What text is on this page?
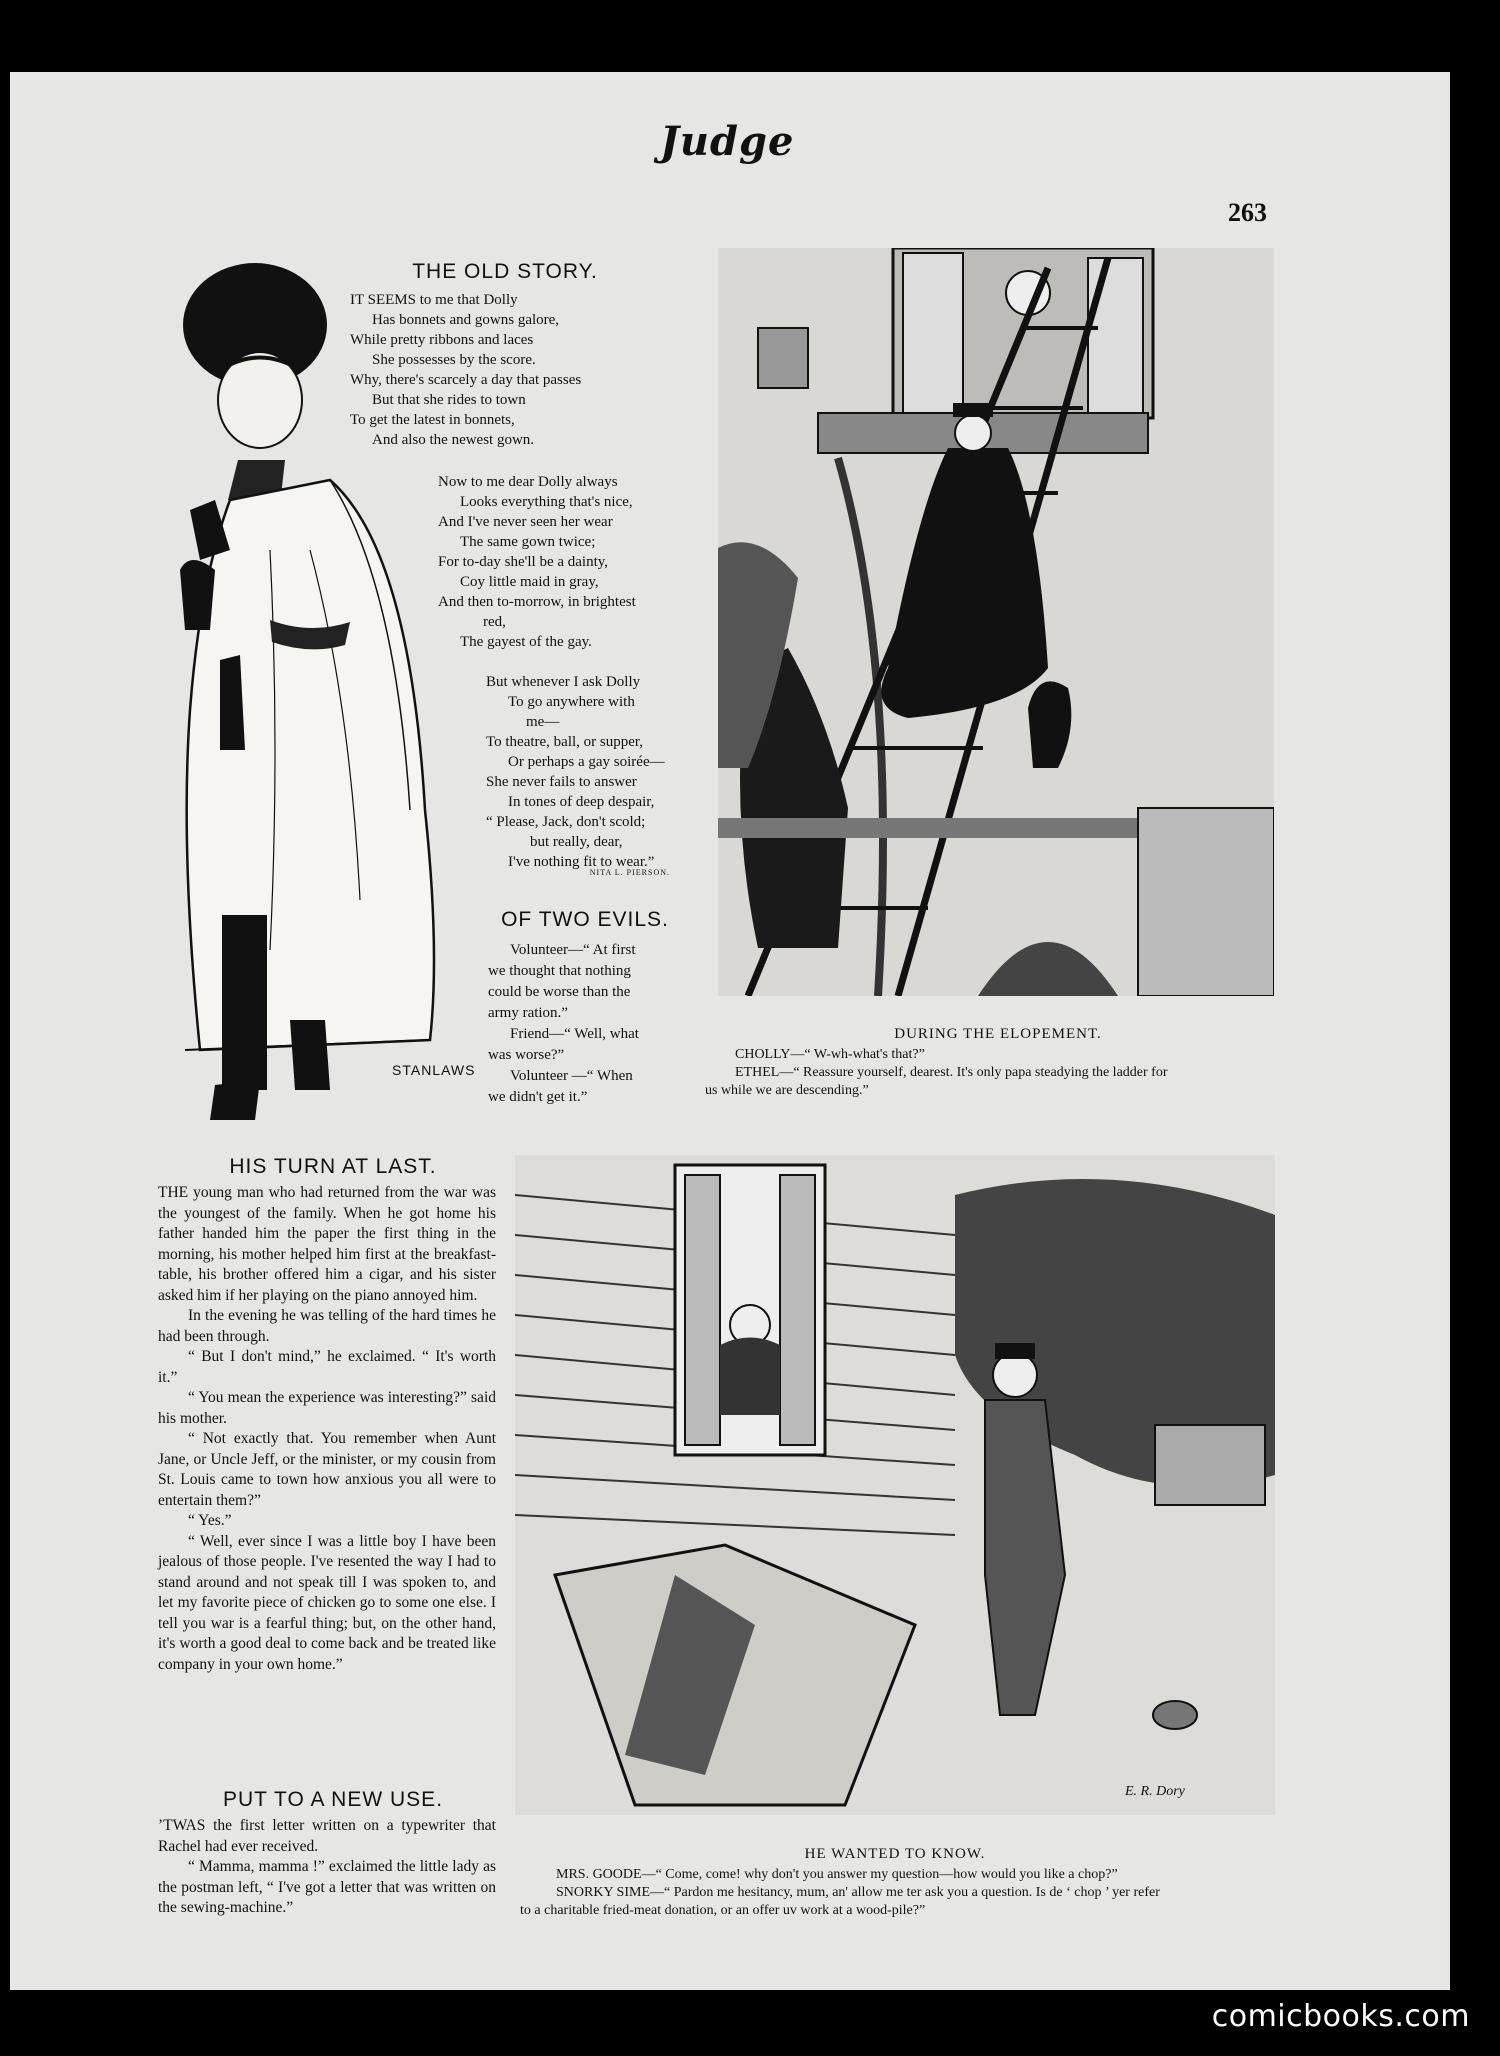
Judge
263
STANLAWS
THE OLD STORY.
IT SEEMS to me that Dolly
Has bonnets and gowns galore,
While pretty ribbons and laces
She possesses by the score.
Why, there's scarcely a day that passes
But that she rides to town
To get the latest in bonnets,
And also the newest gown.
Now to me dear Dolly always
Looks everything that's nice,
And I've never seen her wear
The same gown twice;
For to-day she'll be a dainty,
Coy little maid in gray,
And then to-morrow, in brightest
red,
The gayest of the gay.
But whenever I ask Dolly
To go anywhere with
me—
To theatre, ball, or supper,
Or perhaps a gay soirée—
She never fails to answer
In tones of deep despair,
“ Please, Jack, don't scold;
but really, dear,
I've nothing fit to wear.”
NITA L. PIERSON.
OF TWO EVILS.
Volunteer—“ At first
we thought that nothing
could be worse than the
army ration.”
Friend—“ Well, what
was worse?”
Volunteer —“ When
we didn't get it.”
DURING THE ELOPEMENT.
CHOLLY—“ W-wh-what's that?”
ETHEL—“ Reassure yourself, dearest. It's only papa steadying the ladder for
us while we are descending.”
HIS TURN AT LAST.

THE young man who had returned from the war was the youngest of the family. When he got home his father handed him the paper the first thing in the morning, his mother helped him first at the breakfast-table, his brother offered him a cigar, and his sister asked him if her playing on the piano annoyed him.

In the evening he was telling of the hard times he had been through.

“ But I don't mind,” he exclaimed. “ It's worth it.”

“ You mean the experience was interesting?” said his mother.

“ Not exactly that. You remember when Aunt Jane, or Uncle Jeff, or the minister, or my cousin from St. Louis came to town how anxious you all were to entertain them?”

“ Yes.”

“ Well, ever since I was a little boy I have been jealous of those people. I've resented the way I had to stand around and not speak till I was spoken to, and let my favorite piece of chicken go to some one else. I tell you war is a fearful thing; but, on the other hand, it's worth a good deal to come back and be treated like company in your own home.”

PUT TO A NEW USE.

’TWAS the first letter written on a typewriter that Rachel had ever received.

“ Mamma, mamma !” exclaimed the little lady as the postman left, “ I've got a letter that was written on the sewing-machine.”

E. R. Dory
HE WANTED TO KNOW.
MRS. GOODE—“ Come, come! why don't you answer my question—how would you like a chop?”
SNORKY SIME—“ Pardon me hesitancy, mum, an' allow me ter ask you a question. Is de ‘ chop ’ yer refer
to a charitable fried-meat donation, or an offer uv work at a wood-pile?”
comicbooks.com
